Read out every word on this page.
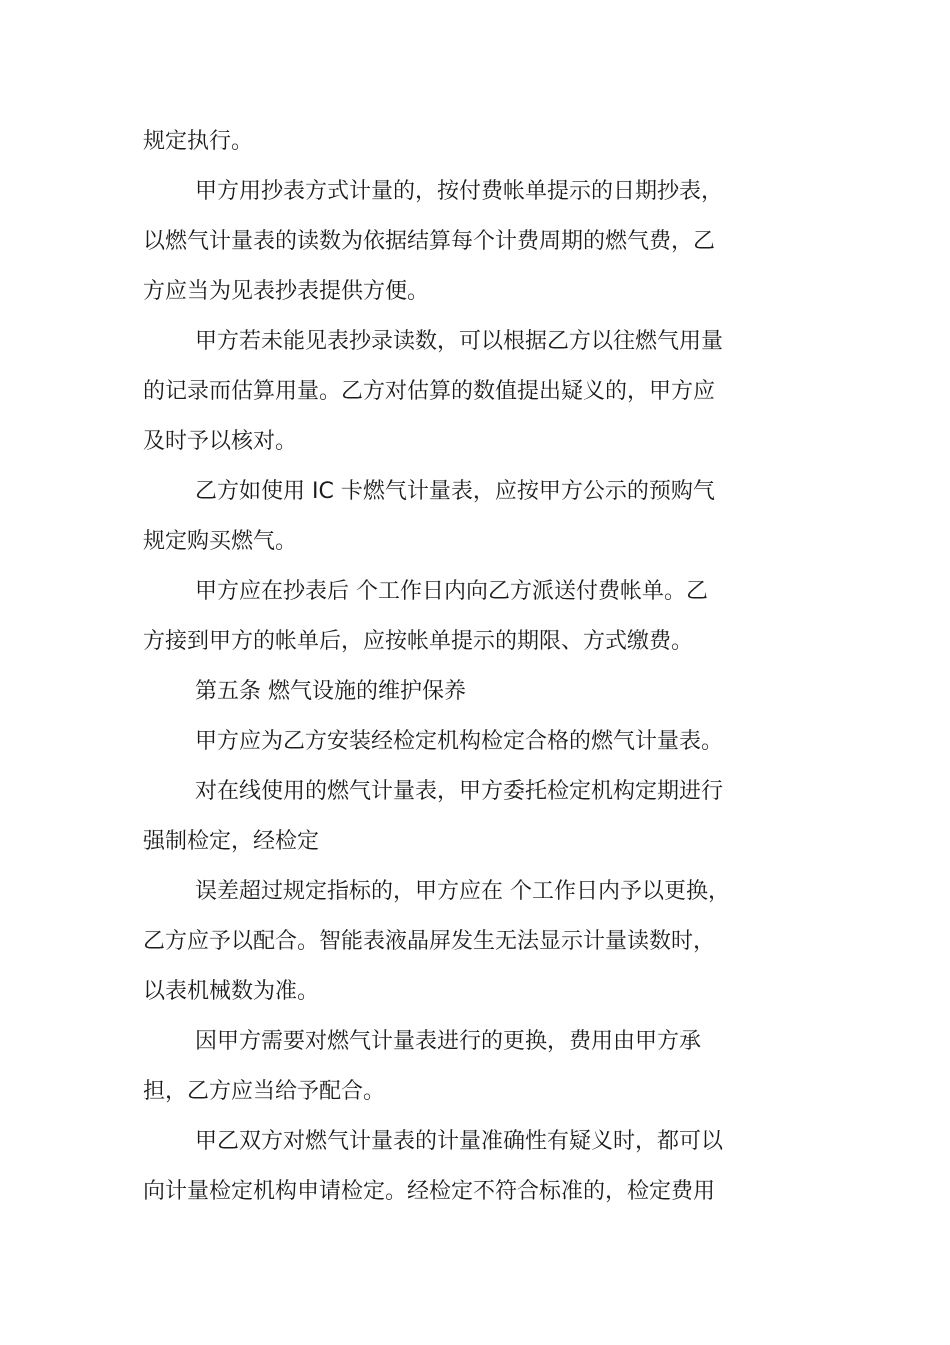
规定执行。
甲方用抄表方式计量的，按付费帐单提示的日期抄表，
以燃气计量表的读数为依据结算每个计费周期的燃气费，乙
方应当为见表抄表提供方便。
甲方若未能见表抄录读数，可以根据乙方以往燃气用量
的记录而估算用量。乙方对估算的数值提出疑义的，甲方应
及时予以核对。
乙方如使用 IC 卡燃气计量表，应按甲方公示的预购气
规定购买燃气。
甲方应在抄表后 个工作日内向乙方派送付费帐单。乙
方接到甲方的帐单后，应按帐单提示的期限、方式缴费。
第五条 燃气设施的维护保养
甲方应为乙方安装经检定机构检定合格的燃气计量表。
对在线使用的燃气计量表，甲方委托检定机构定期进行
强制检定，经检定
误差超过规定指标的，甲方应在 个工作日内予以更换，
乙方应予以配合。智能表液晶屏发生无法显示计量读数时，
以表机械数为准。
因甲方需要对燃气计量表进行的更换，费用由甲方承
担，乙方应当给予配合。
甲乙双方对燃气计量表的计量准确性有疑义时，都可以
向计量检定机构申请检定。经检定不符合标准的，检定费用
